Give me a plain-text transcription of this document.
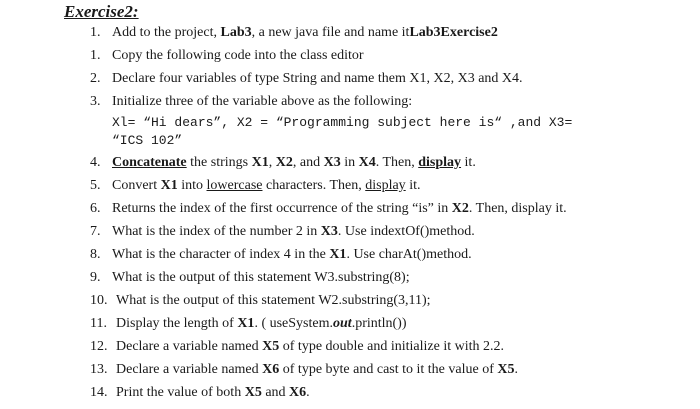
Exercise2:
1. Add to the project, Lab3, a new java file and name itLab3Exercise2
1. Copy the following code into the class editor
2. Declare four variables of type String and name them X1, X2, X3 and X4.
3. Initialize three of the variable above as the following:
Xl= “Hi dears”, X2 = “Programming subject here is“ ,and X3=
“ICS 102”
4. Concatenate the strings X1, X2, and X3 in X4. Then, display it.
5. Convert X1 into lowercase characters. Then, display it.
6. Returns the index of the first occurrence of the string “is” in X2. Then, display it.
7. What is the index of the number 2 in X3. Use indextOf()method.
8. What is the character of index 4 in the X1. Use charAt()method.
9. What is the output of this statement W3.substring(8);
10. What is the output of this statement W2.substring(3,11);
11. Display the length of X1. ( useSystem.out.println())
12. Declare a variable named X5 of type double and initialize it with 2.2.
13. Declare a variable named X6 of type byte and cast to it the value of X5.
14. Print the value of both X5 and X6.
